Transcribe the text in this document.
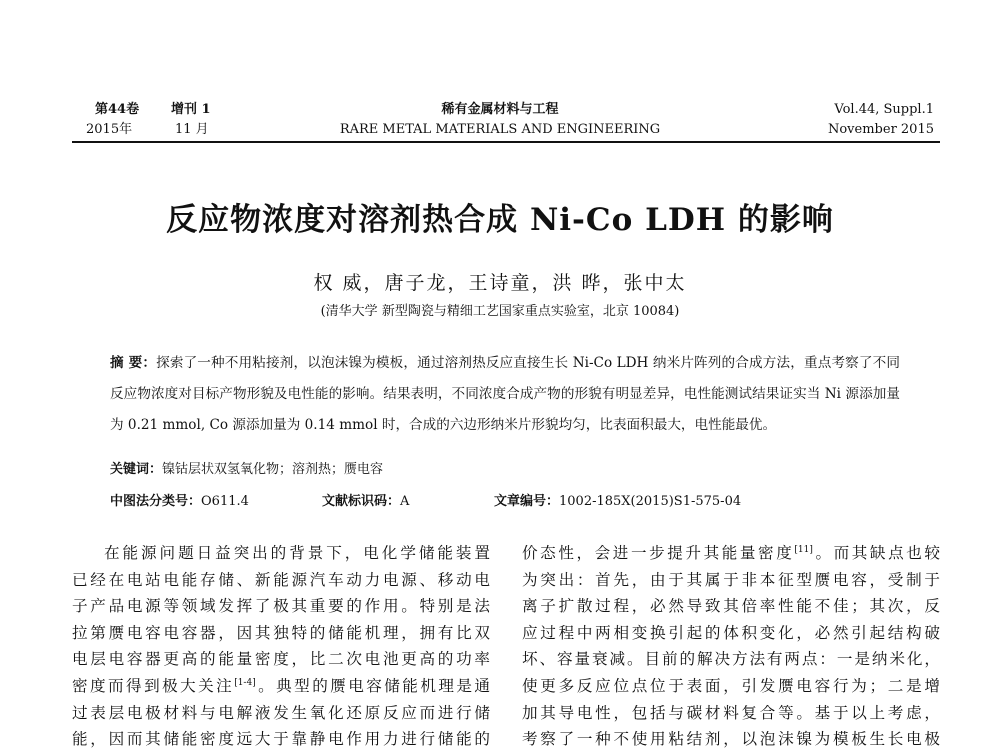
第44卷 增刊 1
2015年	11 月
稀有金属材料与工程
RARE METAL MATERIALS AND ENGINEERING
Vol.44, Suppl.1
November 2015
反应物浓度对溶剂热合成 Ni-Co LDH 的影响
权 威，唐子龙，王诗童，洪 晔，张中太
(清华大学 新型陶瓷与精细工艺国家重点实验室，北京 10084)
摘 要：探索了一种不用粘接剂，以泡沫镍为模板，通过溶剂热反应直接生长 Ni-Co LDH 纳米片阵列的合成方法，重点考察了不同反应物浓度对目标产物形貌及电性能的影响。结果表明，不同浓度合成产物的形貌有明显差异，电性能测试结果证实当 Ni 源添加量为 0.21 mmol, Co 源添加量为 0.14 mmol 时，合成的六边形纳米片形貌均匀，比表面积最大，电性能最优。
关键词：镍钴层状双氢氧化物；溶剂热；赝电容
中图法分类号：O611.4	文献标识码：A	文章编号：1002-185X(2015)S1-575-04
在能源问题日益突出的背景下，电化学储能装置
已经在电站电能存储、新能源汽车动力电源、移动电
子产品电源等领域发挥了极其重要的作用。特别是法
拉第赝电容电容器，因其独特的储能机理，拥有比双
电层电容器更高的能量密度，比二次电池更高的功率
密度而得到极大关注[1-4]。典型的赝电容储能机理是通
过表层电极材料与电解液发生氧化还原反应而进行储
能，因而其储能密度远大于靠静电作用力进行储能的
价态性，会进一步提升其能量密度[11]。而其缺点也较
为突出：首先，由于其属于非本征型赝电容，受制于
离子扩散过程，必然导致其倍率性能不佳；其次，反
应过程中两相变换引起的体积变化，必然引起结构破
坏、容量衰减。目前的解决方法有两点：一是纳米化，
使更多反应位点位于表面，引发赝电容行为；二是增
加其导电性，包括与碳材料复合等。基于以上考虑，
考察了一种不使用粘结剂，以泡沫镍为模板生长电极
